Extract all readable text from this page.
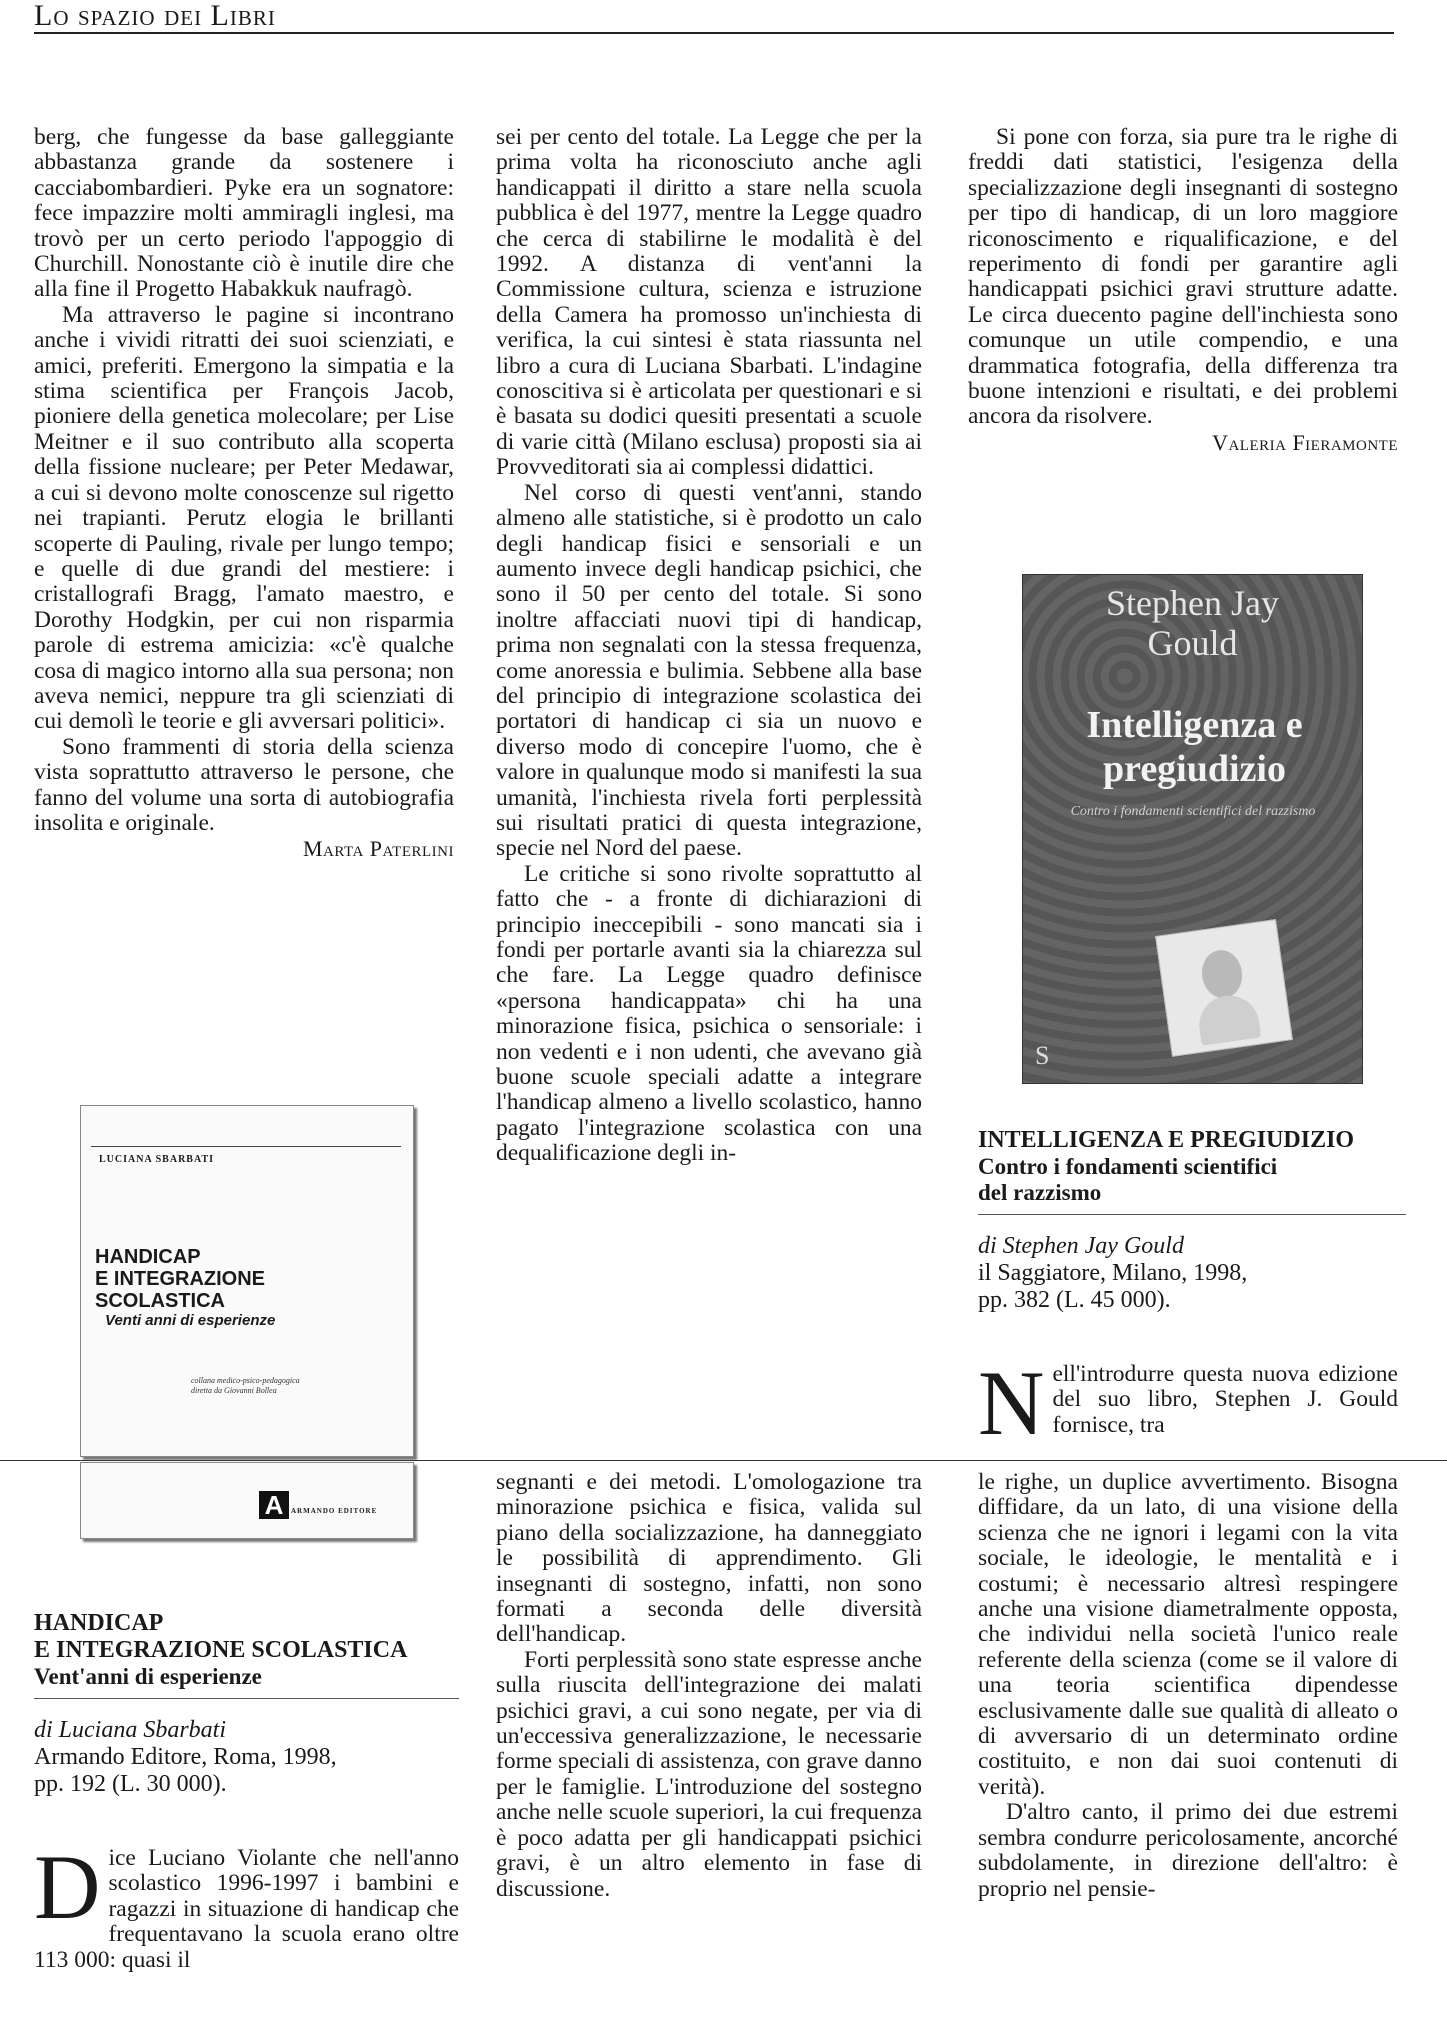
Lo spazio dei Libri

berg, che fungesse da base galleggiante abbastanza grande da sostenere i cacciabombardieri. Pyke era un sognatore: fece impazzire molti ammiragli inglesi, ma trovò per un certo periodo l'appoggio di Churchill. Nonostante ciò è inutile dire che alla fine il Progetto Habakkuk naufragò.

Ma attraverso le pagine si incontrano anche i vividi ritratti dei suoi scienziati, e amici, preferiti. Emergono la simpatia e la stima scientifica per François Jacob, pioniere della genetica molecolare; per Lise Meitner e il suo contributo alla scoperta della fissione nucleare; per Peter Medawar, a cui si devono molte conoscenze sul rigetto nei trapianti. Perutz elogia le brillanti scoperte di Pauling, rivale per lungo tempo; e quelle di due grandi del mestiere: i cristallografi Bragg, l'amato maestro, e Dorothy Hodgkin, per cui non risparmia parole di estrema amicizia: «c'è qualche cosa di magico intorno alla sua persona; non aveva nemici, neppure tra gli scienziati di cui demolì le teorie e gli avversari politici».

Sono frammenti di storia della scienza vista soprattutto attraverso le persone, che fanno del volume una sorta di autobiografia insolita e originale.

Marta Paterlini

LUCIANA SBARBATI
HANDICAP
E INTEGRAZIONE
SCOLASTICA
Venti anni di esperienze
collana medico-psico-pedagogica diretta da Giovanni Bollea
A	ARMANDO EDITORE

HANDICAP

E INTEGRAZIONE SCOLASTICA

Vent'anni di esperienze

di Luciana Sbarbati

Armando Editore, Roma, 1998,

pp. 192 (L. 30 000).

Dice Luciano Violante che nell'anno scolastico 1996-1997 i bambini e ragazzi in situazione di handicap che frequentavano la scuola erano oltre 113 000: quasi il

sei per cento del totale. La Legge che per la prima volta ha riconosciuto anche agli handicappati il diritto a stare nella scuola pubblica è del 1977, mentre la Legge quadro che cerca di stabilirne le modalità è del 1992. A distanza di vent'anni la Commissione cultura, scienza e istruzione della Camera ha promosso un'inchiesta di verifica, la cui sintesi è stata riassunta nel libro a cura di Luciana Sbarbati. L'indagine conoscitiva si è articolata per questionari e si è basata su dodici quesiti presentati a scuole di varie città (Milano esclusa) proposti sia ai Provveditorati sia ai complessi didattici.

Nel corso di questi vent'anni, stando almeno alle statistiche, si è prodotto un calo degli handicap fisici e sensoriali e un aumento invece degli handicap psichici, che sono il 50 per cento del totale. Si sono inoltre affacciati nuovi tipi di handicap, prima non segnalati con la stessa frequenza, come anoressia e bulimia. Sebbene alla base del principio di integrazione scolastica dei portatori di handicap ci sia un nuovo e diverso modo di concepire l'uomo, che è valore in qualunque modo si manifesti la sua umanità, l'inchiesta rivela forti perplessità sui risultati pratici di questa integrazione, specie nel Nord del paese.

Le critiche si sono rivolte soprattutto al fatto che - a fronte di dichiarazioni di principio ineccepibili - sono mancati sia i fondi per portarle avanti sia la chiarezza sul che fare. La Legge quadro definisce «persona handicappata» chi ha una minorazione fisica, psichica o sensoriale: i non vedenti e i non udenti, che avevano già buone scuole speciali adatte a integrare l'handicap almeno a livello scolastico, hanno pagato l'integrazione scolastica con una dequalificazione degli in-

segnanti e dei metodi. L'omologazione tra minorazione psichica e fisica, valida sul piano della socializzazione, ha danneggiato le possibilità di apprendimento. Gli insegnanti di sostegno, infatti, non sono formati a seconda delle diversità dell'handicap.

Forti perplessità sono state espresse anche sulla riuscita dell'integrazione dei malati psichici gravi, a cui sono negate, per via di un'eccessiva generalizzazione, le necessarie forme speciali di assistenza, con grave danno per le famiglie. L'introduzione del sostegno anche nelle scuole superiori, la cui frequenza è poco adatta per gli handicappati psichici gravi, è un altro elemento in fase di discussione.

Si pone con forza, sia pure tra le righe di freddi dati statistici, l'esigenza della specializzazione degli insegnanti di sostegno per tipo di handicap, di un loro maggiore riconoscimento e riqualificazione, e del reperimento di fondi per garantire agli handicappati psichici gravi strutture adatte. Le circa duecento pagine dell'inchiesta sono comunque un utile compendio, e una drammatica fotografia, della differenza tra buone intenzioni e risultati, e dei problemi ancora da risolvere.

Valeria Fieramonte

Stephen Jay Gould
Intelligenza e pregiudizio
Contro i fondamenti scientifici del razzismo
S

INTELLIGENZA E PREGIUDIZIO

Contro i fondamenti scientifici

del razzismo

di Stephen Jay Gould

il Saggiatore, Milano, 1998,

pp. 382 (L. 45 000).

Nell'introdurre questa nuova edizione del suo libro, Stephen J. Gould fornisce, tra

le righe, un duplice avvertimento. Bisogna diffidare, da un lato, di una visione della scienza che ne ignori i legami con la vita sociale, le ideologie, le mentalità e i costumi; è necessario altresì respingere anche una visione diametralmente opposta, che individui nella società l'unico reale referente della scienza (come se il valore di una teoria scientifica dipendesse esclusivamente dalle sue qualità di alleato o di avversario di un determinato ordine costituito, e non dai suoi contenuti di verità).

D'altro canto, il primo dei due estremi sembra condurre pericolosamente, ancorché subdolamente, in direzione dell'altro: è proprio nel pensie-
